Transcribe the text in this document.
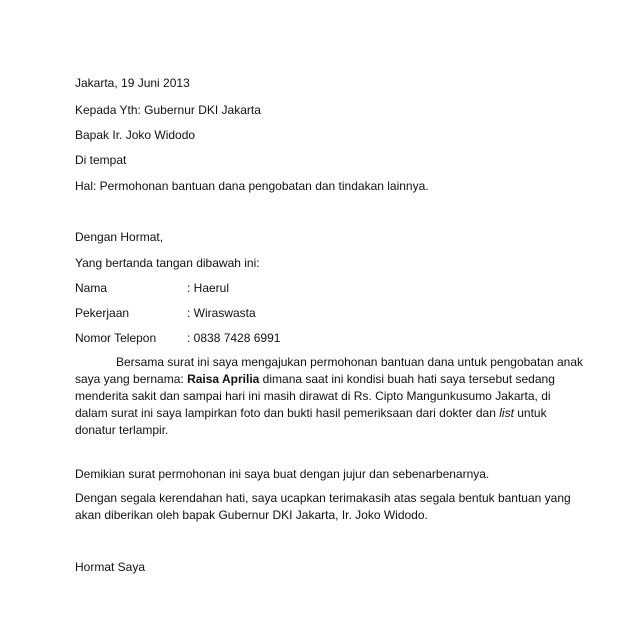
Jakarta, 19 Juni 2013
Kepada Yth: Gubernur DKI Jakarta
Bapak Ir. Joko Widodo
Di tempat
Hal: Permohonan bantuan dana pengobatan dan tindakan lainnya.
Dengan Hormat,
Yang bertanda tangan dibawah ini:
Nama	: Haerul
Pekerjaan	: Wiraswasta
Nomor Telepon	: 0838 7428 6991
Bersama surat ini saya mengajukan permohonan bantuan dana untuk pengobatan anak
saya yang bernama: Raisa Aprilia dimana saat ini kondisi buah hati saya tersebut sedang
menderita sakit dan sampai hari ini masih dirawat di Rs. Cipto Mangunkusumo Jakarta, di
dalam surat ini saya lampirkan foto dan bukti hasil pemeriksaan dari dokter dan list untuk
donatur terlampir.
Demikian surat permohonan ini saya buat dengan jujur dan sebenarbenarnya.
Dengan segala kerendahan hati, saya ucapkan terimakasih atas segala bentuk bantuan yang
akan diberikan oleh bapak Gubernur DKI Jakarta, Ir. Joko Widodo.
Hormat Saya
